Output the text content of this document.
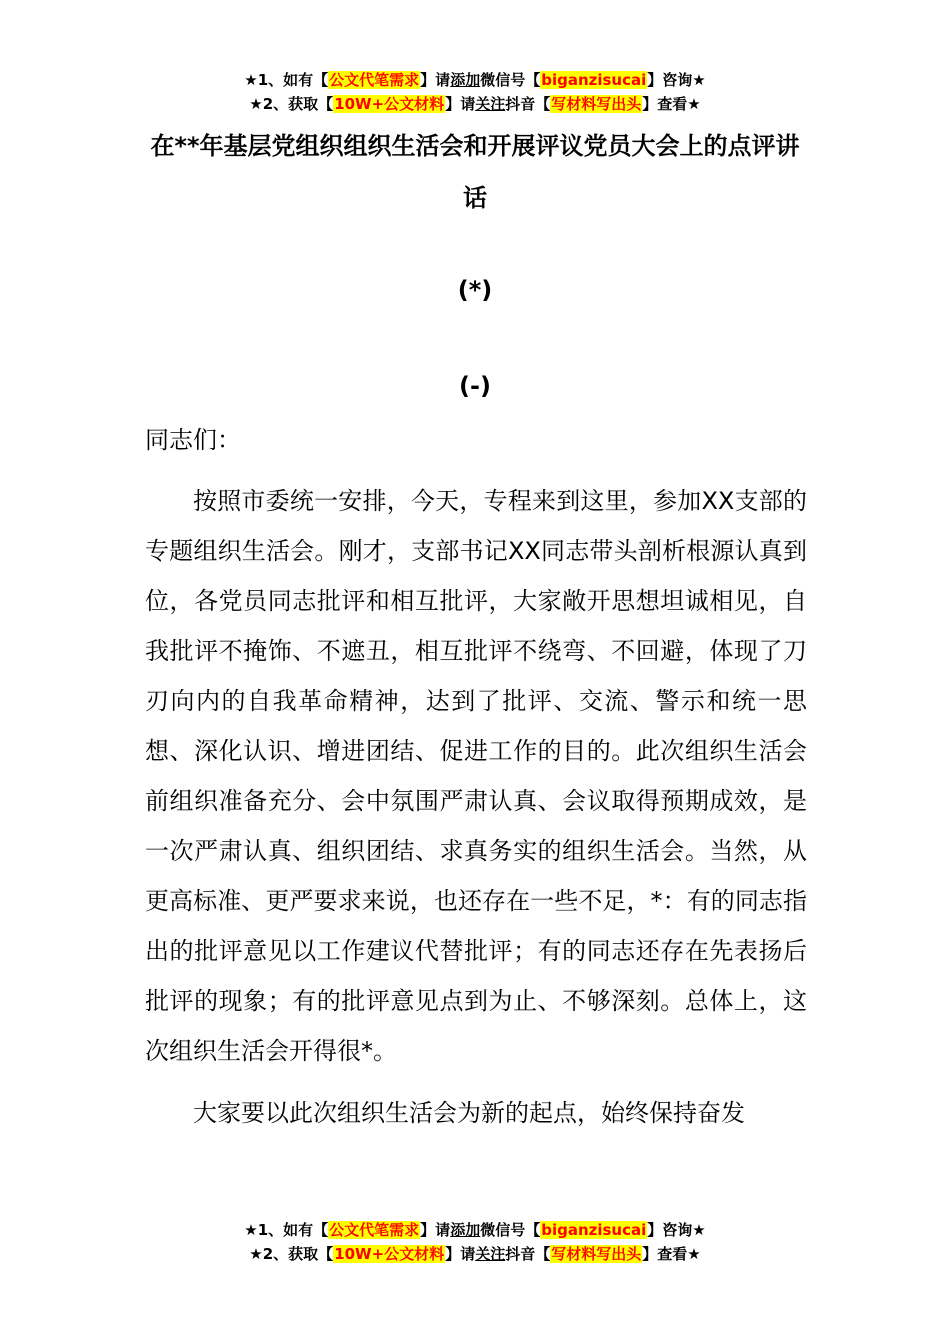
★1、如有【公文代笔需求】请添加微信号【biganzisucai】咨询★
★2、获取【10W+公文材料】请关注抖音【写材料写出头】查看★
在**年基层党组织组织生活会和开展评议党员大会上的点评讲话
(*)
(-)
同志们：

按照市委统一安排，今天，专程来到这里，参加XX支部的专题组织生活会。刚才，支部书记XX同志带头剖析根源认真到位，各党员同志批评和相互批评，大家敞开思想坦诚相见，自我批评不掩饰、不遮丑，相互批评不绕弯、不回避，体现了刀刃向内的自我革命精神，达到了批评、交流、警示和统一思想、深化认识、增进团结、促进工作的目的。此次组织生活会前组织准备充分、会中氛围严肃认真、会议取得预期成效，是一次严肃认真、组织团结、求真务实的组织生活会。当然，从更高标准、更严要求来说，也还存在一些不足，*：有的同志指出的批评意见以工作建议代替批评；有的同志还存在先表扬后批评的现象；有的批评意见点到为止、不够深刻。总体上，这次组织生活会开得很*。

大家要以此次组织生活会为新的起点，始终保持奋发

★1、如有【公文代笔需求】请添加微信号【biganzisucai】咨询★
★2、获取【10W+公文材料】请关注抖音【写材料写出头】查看★
